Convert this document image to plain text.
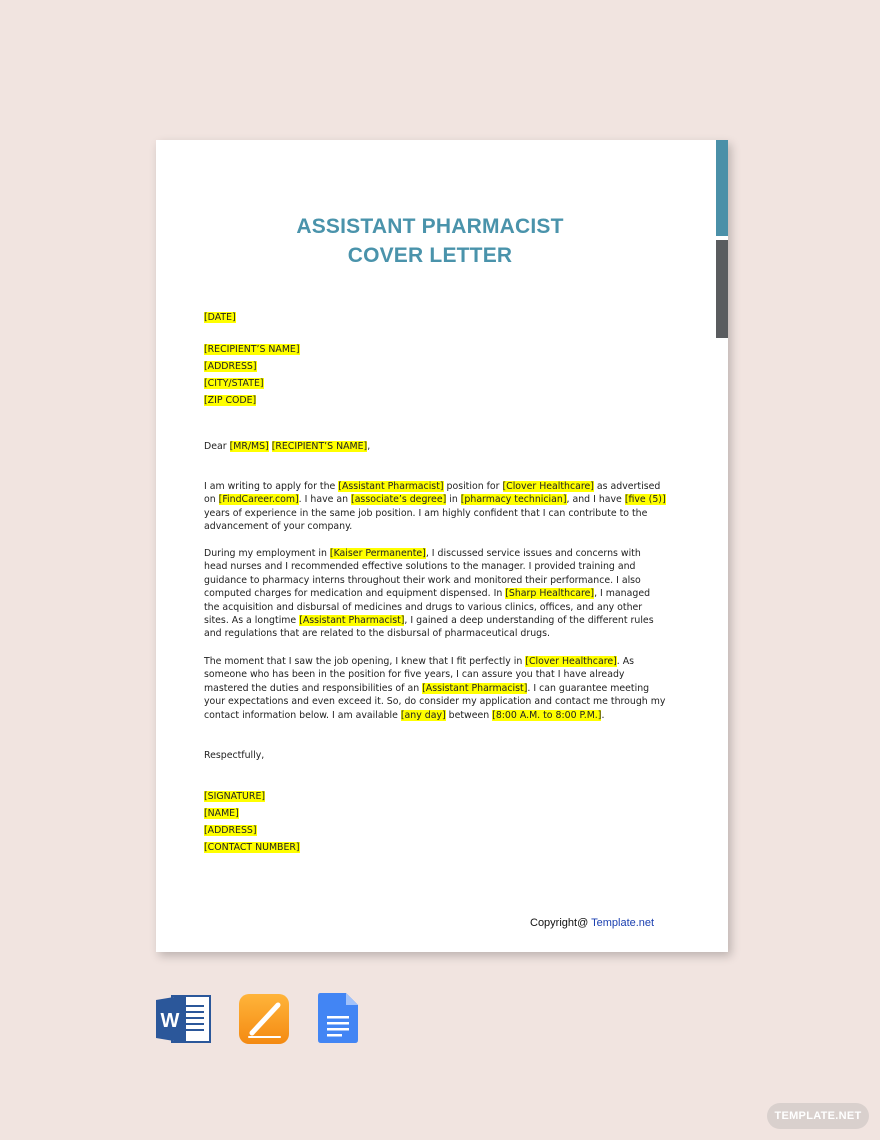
ASSISTANT PHARMACIST
COVER LETTER
[DATE]

[RECIPIENT’S NAME]

[ADDRESS]

[CITY/STATE]

[ZIP CODE]

Dear [MR/MS] [RECIPIENT’S NAME],
I am writing to apply for the [Assistant Pharmacist] position for [Clover Healthcare] as advertised on [FindCareer.com]. I have an [associate’s degree] in [pharmacy technician], and I have [five (5)] years of experience in the same job position. I am highly confident that I can contribute to the advancement of your company.
During my employment in [Kaiser Permanente], I discussed service issues and concerns with head nurses and I recommended effective solutions to the manager. I provided training and guidance to pharmacy interns throughout their work and monitored their performance. I also computed charges for medication and equipment dispensed. In [Sharp Healthcare], I managed the acquisition and disbursal of medicines and drugs to various clinics, offices, and any other sites. As a longtime [Assistant Pharmacist], I gained a deep understanding of the different rules and regulations that are related to the disbursal of pharmaceutical drugs.
The moment that I saw the job opening, I knew that I fit perfectly in [Clover Healthcare]. As someone who has been in the position for five years, I can assure you that I have already mastered the duties and responsibilities of an [Assistant Pharmacist]. I can guarantee meeting your expectations and even exceed it. So, do consider my application and contact me through my contact information below. I am available [any day] between [8:00 A.M. to 8:00 P.M.].
Respectfully,

[SIGNATURE]

[NAME]

[ADDRESS]

[CONTACT NUMBER]

Copyright@ Template.net
W
TEMPLATE.NET
